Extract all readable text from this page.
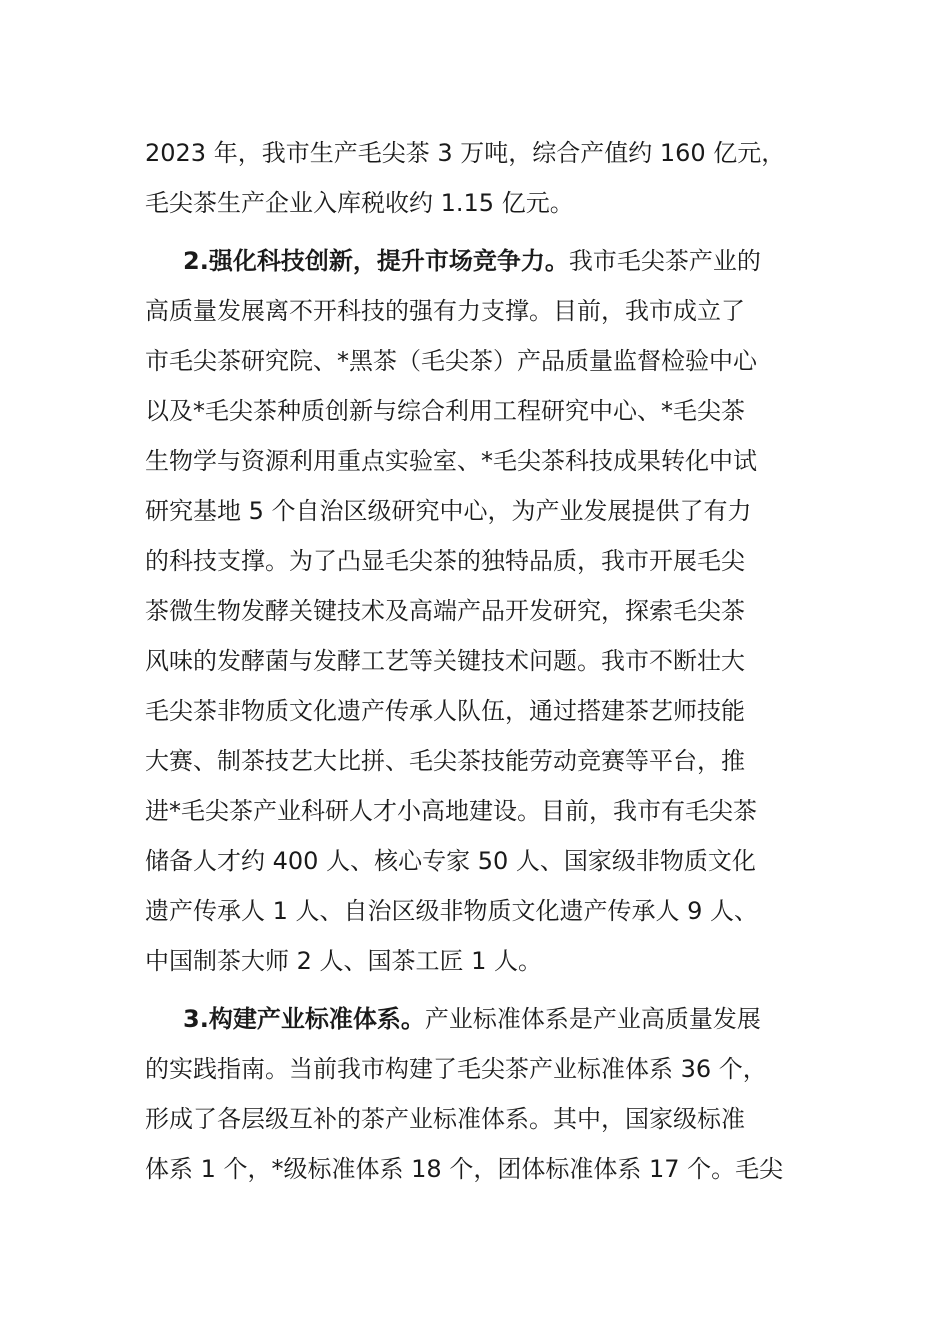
2023 年，我市生产毛尖茶 3 万吨，综合产值约 160 亿元，
毛尖茶生产企业入库税收约 1.15 亿元。
2.强化科技创新，提升市场竞争力。我市毛尖茶产业的
高质量发展离不开科技的强有力支撑。目前，我市成立了
市毛尖茶研究院、*黑茶（毛尖茶）产品质量监督检验中心
以及*毛尖茶种质创新与综合利用工程研究中心、*毛尖茶
生物学与资源利用重点实验室、*毛尖茶科技成果转化中试
研究基地 5 个自治区级研究中心，为产业发展提供了有力
的科技支撑。为了凸显毛尖茶的独特品质，我市开展毛尖
茶微生物发酵关键技术及高端产品开发研究，探索毛尖茶
风味的发酵菌与发酵工艺等关键技术问题。我市不断壮大
毛尖茶非物质文化遗产传承人队伍，通过搭建茶艺师技能
大赛、制茶技艺大比拼、毛尖茶技能劳动竞赛等平台，推
进*毛尖茶产业科研人才小高地建设。目前，我市有毛尖茶
储备人才约 400 人、核心专家 50 人、国家级非物质文化
遗产传承人 1 人、自治区级非物质文化遗产传承人 9 人、
中国制茶大师 2 人、国茶工匠 1 人。
3.构建产业标准体系。产业标准体系是产业高质量发展
的实践指南。当前我市构建了毛尖茶产业标准体系 36 个，
形成了各层级互补的茶产业标准体系。其中，国家级标准
体系 1 个，*级标准体系 18 个，团体标准体系 17 个。毛尖
